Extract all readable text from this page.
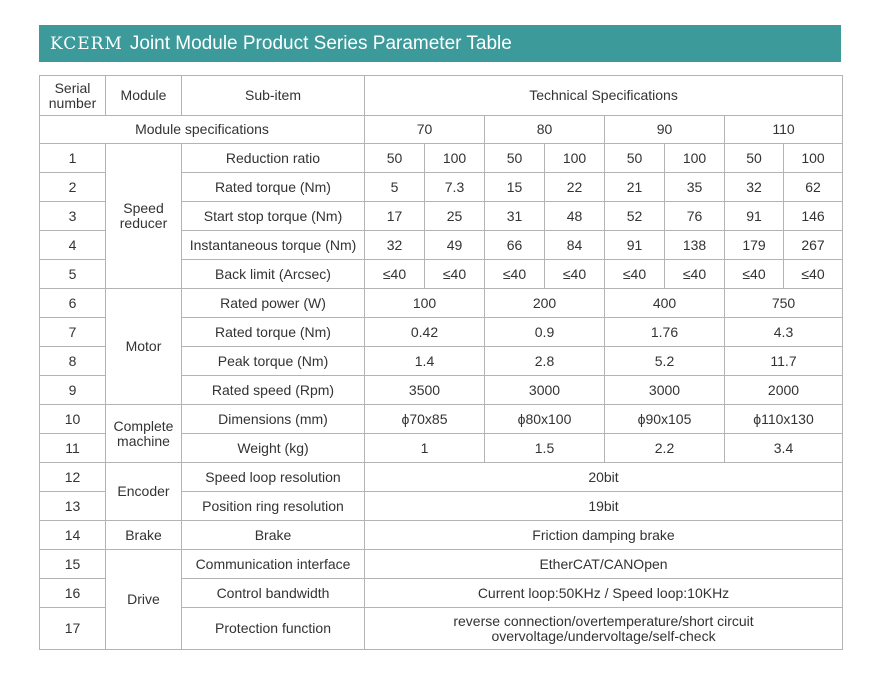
KCERM Joint Module Product Series Parameter Table
Serial number	Module	Sub-item	Technical Specifications							
Module specifications			70		80		90		110	
1	Speed reducer	Reduction ratio	50	100	50	100	50	100	50	100
2		Rated torque (Nm)	5	7.3	15	22	21	35	32	62
3		Start stop torque (Nm)	17	25	31	48	52	76	91	146
4		Instantaneous torque (Nm)	32	49	66	84	91	138	179	267
5		Back limit (Arcsec)	≤40	≤40	≤40	≤40	≤40	≤40	≤40	≤40
6	Motor	Rated power (W)	100		200		400		750	
7		Rated torque (Nm)	0.42		0.9		1.76		4.3	
8		Peak torque (Nm)	1.4		2.8		5.2		11.7	
9		Rated speed (Rpm)	3500		3000		3000		2000	
10	Complete machine	Dimensions (mm)	ϕ70x85		ϕ80x100		ϕ90x105		ϕ110x130	
11		Weight (kg)	1		1.5		2.2		3.4	
12	Encoder	Speed loop resolution	20bit							
13		Position ring resolution	19bit							
14	Brake	Brake	Friction damping brake							
15	Drive	Communication interface	EtherCAT/CANOpen							
16		Control bandwidth	Current loop:50KHz / Speed loop:10KHz							
17		Protection function	reverse connection/overtemperature/short circuit overvoltage/undervoltage/self-check							
